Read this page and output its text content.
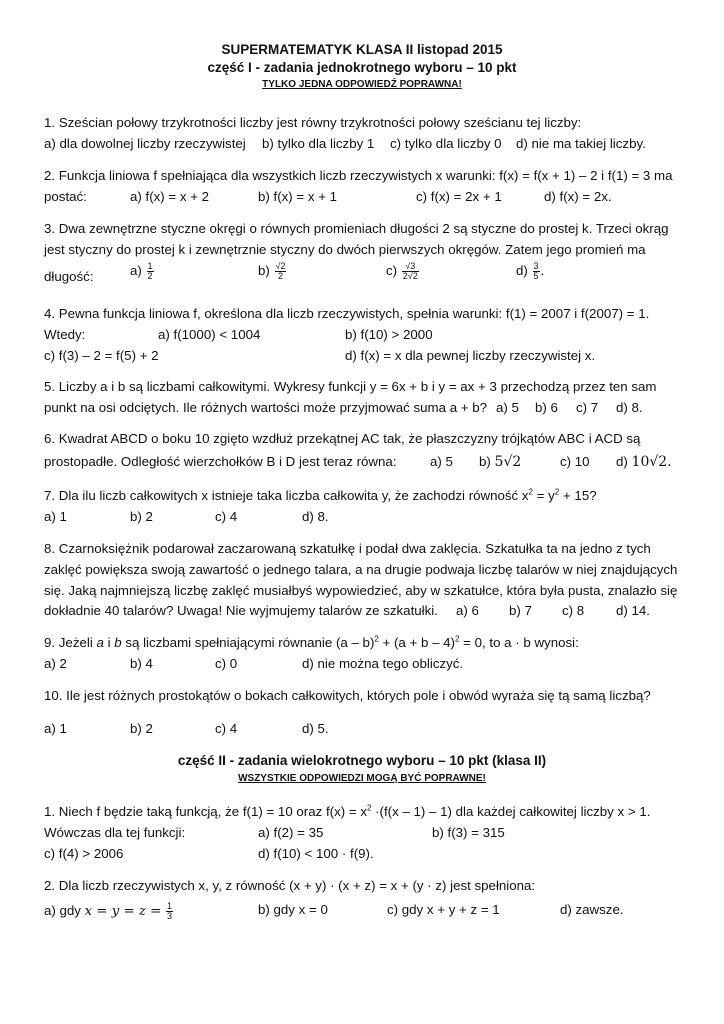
SUPERMATEMATYK KLASA II listopad 2015
część I - zadania jednokrotnego wyboru – 10 pkt
TYLKO JEDNA ODPOWIEDŹ POPRAWNA!
1. Sześcian połowy trzykrotności liczby jest równy trzykrotności połowy sześcianu tej liczby:
a) dla dowolnej liczby rzeczywistej b) tylko dla liczby 1 c) tylko dla liczby 0 d) nie ma takiej liczby.
2. Funkcja liniowa f spełniająca dla wszystkich liczb rzeczywistych x warunki: f(x) = f(x + 1) – 2 i f(1) = 3 ma
postać:	a) f(x) = x + 2	b) f(x) = x + 1	c) f(x) = 2x + 1	d) f(x) = 2x.
3. Dwa zewnętrzne styczne okręgi o równych promieniach długości 2 są styczne do prostej k. Trzeci okrąg
jest styczny do prostej k i zewnętrznie styczny do dwóch pierwszych okręgów. Zatem jego promień ma
długość:	$a) \frac{1}{2}$	$b) \frac{√2}{2}$	$c) \frac{√3}{2√2}$	$d) \frac{3}{5}$ .
4. Pewna funkcja liniowa f, określona dla liczb rzeczywistych, spełnia warunki: f(1) = 2007 i f(2007) = 1.
Wtedy:	a) f(1000) < 1004	b) f(10) > 2000
c) f(3) – 2 = f(5) + 2	d) f(x) = x dla pewnej liczby rzeczywistej x.
5. Liczby a i b są liczbami całkowitymi. Wykresy funkcji y = 6x + b i y = ax + 3 przechodzą przez ten sam
punkt na osi odciętych. Ile różnych wartości może przyjmować suma a + b? a) 5 b) 6 c) 7 d) 8.
6. Kwadrat ABCD o boku 10 zgięto wzdłuż przekątnej AC tak, że płaszczyzny trójkątów ABC i ACD są
prostopadłe. Odległość wierzchołków B i D jest teraz równa:	a) 5 b) 5√2	c) 10 d) 10√2.
7. Dla ilu liczb całkowitych x istnieje taka liczba całkowita y, że zachodzi równość $x^2 = y^2 + 15$?
a) 1	b) 2	c) 4	d) 8.
8. Czarnoksiężnik podarował zaczarowaną szkatułkę i podał dwa zaklęcia. Szkatułka ta na jedno z tych
zaklęć powiększa swoją zawartość o jednego talara, a na drugie podwaja liczbę talarów w niej znajdujących
się. Jaką najmniejszą liczbę zaklęć musiałbyś wypowiedzieć, aby w szkatułce, która była pusta, znalazło się
dokładnie 40 talarów? Uwaga! Nie wyjmujemy talarów ze szkatułki. a) 6 b) 7 c) 8 d) 14.
9. Jeżeli a i b są liczbami spełniającymi równanie $(a - b)^2 + (a + b - 4)^2 = 0$, to a · b wynosi:
a) 2	b) 4	c) 0	d) nie można tego obliczyć.
10. Ile jest różnych prostokątów o bokach całkowitych, których pole i obwód wyraża się tą samą liczbą?
a) 1	b) 2	c) 4	d) 5.
część II - zadania wielokrotnego wyboru – 10 pkt (klasa II)
WSZYSTKIE ODPOWIEDZI MOGĄ BYĆ POPRAWNE!
1. Niech f będzie taką funkcją, że f(1) = 10 oraz $f(x) = x^2 \cdot(f(x - 1) - 1)$ dla każdej całkowitej liczby x > 1.
Wówczas dla tej funkcji:	a) f(2) = 35	b) f(3) = 315
c) f(4) > 2006	d) f(10) < 100 · f(9).
2. Dla liczb rzeczywistych x, y, z równość (x + y) · (x + z) = x + (y · z) jest spełniona:
a) gdy $x = y = z = \frac{1}{3}$	b) gdy x = 0	c) gdy x + y + z = 1	d) zawsze.
